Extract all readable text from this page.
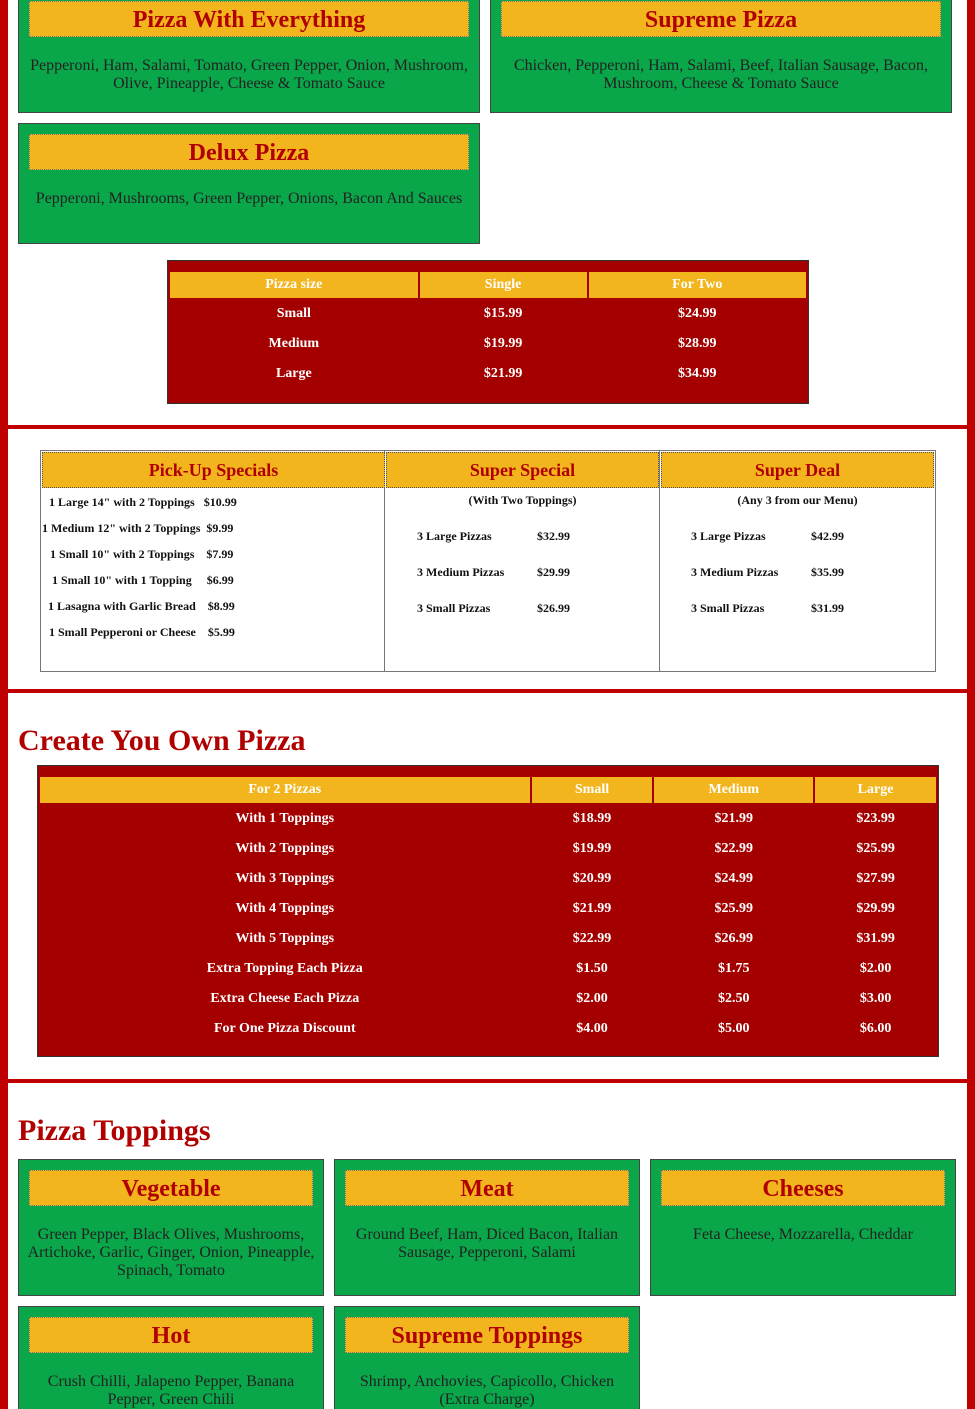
Pizza With Everything
Pepperoni, Ham, Salami, Tomato, Green Pepper, Onion, Mushroom, Olive, Pineapple, Cheese & Tomato Sauce
Supreme Pizza
Chicken, Pepperoni, Ham, Salami, Beef, Italian Sausage, Bacon, Mushroom, Cheese & Tomato Sauce
Delux Pizza
Pepperoni, Mushrooms, Green Pepper, Onions, Bacon And Sauces
Pizza size	Single	For Two
Small	$15.99	$24.99
Medium	$19.99	$28.99
Large	$21.99	$34.99
Pick-Up Specials
1 Large 14" with 2 Toppings   $10.99
1 Medium 12" with 2 Toppings  $9.99
1 Small 10" with 2 Toppings    $7.99
1 Small 10" with 1 Topping     $6.99
1 Lasagna with Garlic Bread    $8.99
1 Small Pepperoni or Cheese    $5.99
Super Special
(With Two Toppings)
3 Large Pizzas	$32.99
3 Medium Pizzas	$29.99
3 Small Pizzas	$26.99
Super Deal
(Any 3 from our Menu)
3 Large Pizzas	$42.99
3 Medium Pizzas	$35.99
3 Small Pizzas	$31.99
Create You Own Pizza
For 2 Pizzas	Small	Medium	Large
With 1 Toppings	$18.99	$21.99	$23.99
With 2 Toppings	$19.99	$22.99	$25.99
With 3 Toppings	$20.99	$24.99	$27.99
With 4 Toppings	$21.99	$25.99	$29.99
With 5 Toppings	$22.99	$26.99	$31.99
Extra Topping Each Pizza	$1.50	$1.75	$2.00
Extra Cheese Each Pizza	$2.00	$2.50	$3.00
For One Pizza Discount	$4.00	$5.00	$6.00
Pizza Toppings
Vegetable
Green Pepper, Black Olives, Mushrooms, Artichoke, Garlic, Ginger, Onion, Pineapple, Spinach, Tomato
Meat
Ground Beef, Ham, Diced Bacon, Italian Sausage, Pepperoni, Salami
Cheeses
Feta Cheese, Mozzarella, Cheddar
Hot
Crush Chilli, Jalapeno Pepper, Banana Pepper, Green Chili
Supreme Toppings
Shrimp, Anchovies, Capicollo, Chicken (Extra Charge)
